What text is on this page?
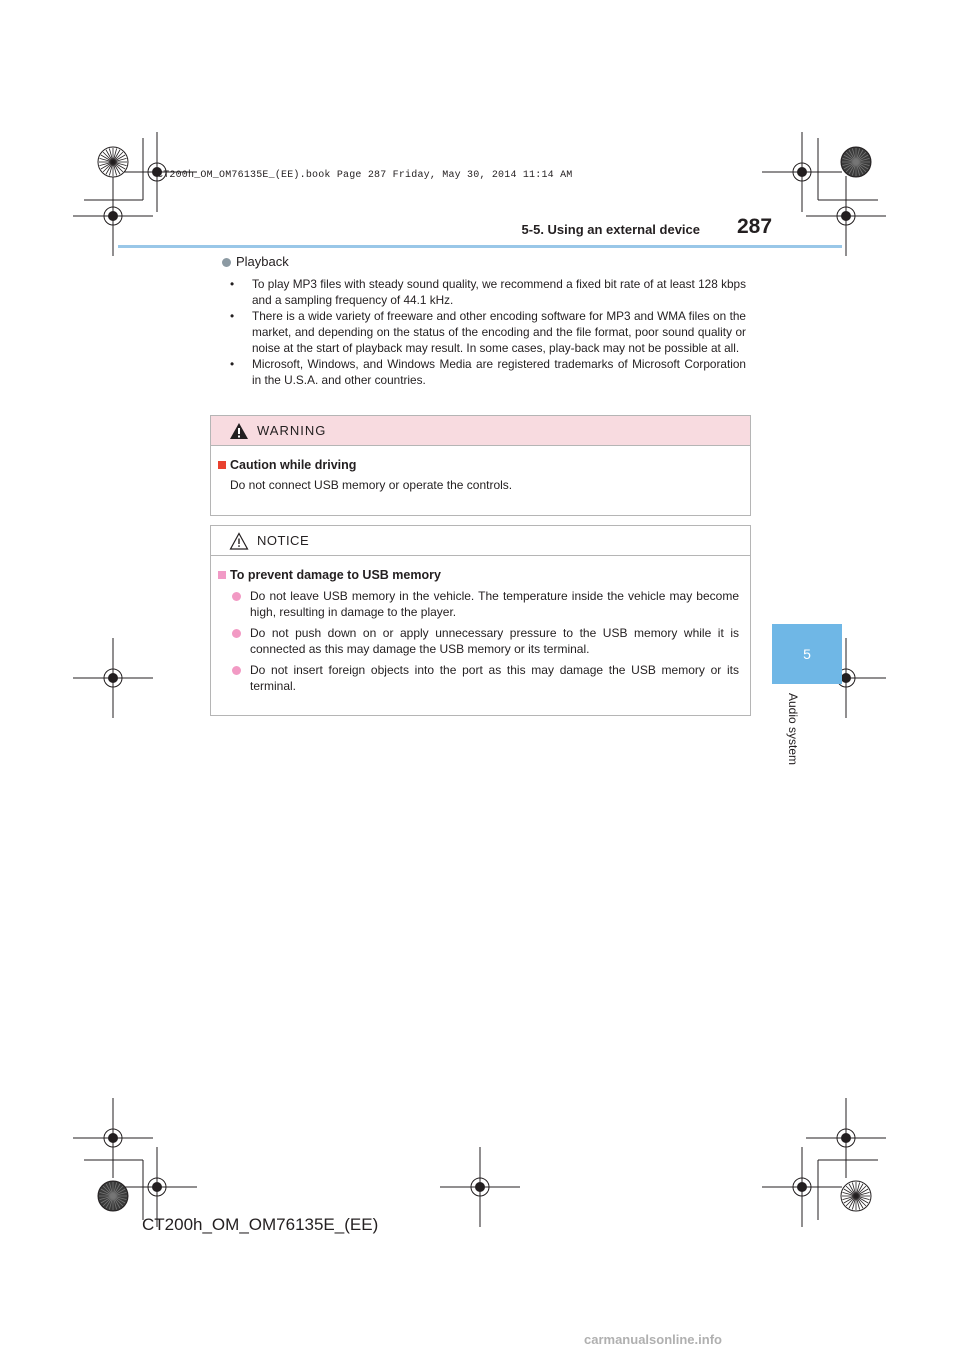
CT200h_OM_OM76135E_(EE).book Page 287 Friday, May 30, 2014 11:14 AM
5-5. Using an external device 287
5
Audio system
Playback
• To play MP3 files with steady sound quality, we recommend a fixed bit rate of at least 128 kbps and a sampling frequency of 44.1 kHz.
• There is a wide variety of freeware and other encoding software for MP3 and WMA files on the market, and depending on the status of the encoding and the file format, poor sound quality or noise at the start of playback may result. In some cases, play-back may not be possible at all.
• Microsoft, Windows, and Windows Media are registered trademarks of Microsoft Corporation in the U.S.A. and other countries.
WARNING
Caution while driving
Do not connect USB memory or operate the controls.
NOTICE
To prevent damage to USB memory
Do not leave USB memory in the vehicle. The temperature inside the vehicle may become high, resulting in damage to the player.
Do not push down on or apply unnecessary pressure to the USB memory while it is connected as this may damage the USB memory or its terminal.
Do not insert foreign objects into the port as this may damage the USB memory or its terminal.
CT200h_OM_OM76135E_(EE)
carmanualsonline.info
